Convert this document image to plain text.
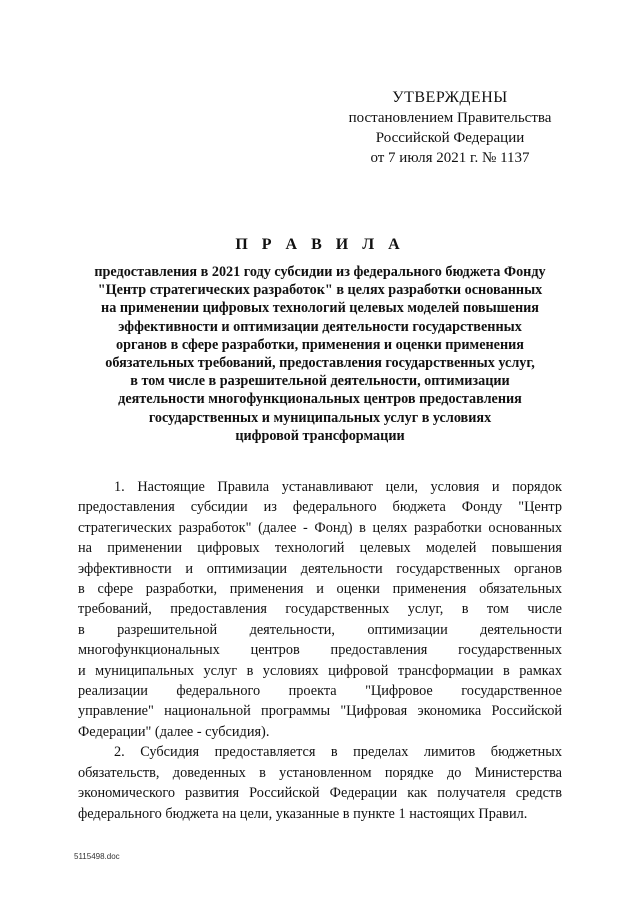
УТВЕРЖДЕНЫ
постановлением Правительства
Российской Федерации
от 7 июля 2021 г. № 1137
П Р А В И Л А
предоставления в 2021 году субсидии из федерального бюджета Фонду
"Центр стратегических разработок" в целях разработки основанных
на применении цифровых технологий целевых моделей повышения
эффективности и оптимизации деятельности государственных
органов в сфере разработки, применения и оценки применения
обязательных требований, предоставления государственных услуг,
в том числе в разрешительной деятельности, оптимизации
деятельности многофункциональных центров предоставления
государственных и муниципальных услуг в условиях
цифровой трансформации
1. Настоящие Правила устанавливают цели, условия и порядок
предоставления субсидии из федерального бюджета Фонду "Центр
стратегических разработок" (далее - Фонд) в целях разработки основанных
на применении цифровых технологий целевых моделей повышения
эффективности и оптимизации деятельности государственных органов
в сфере разработки, применения и оценки применения обязательных
требований, предоставления государственных услуг, в том числе
в разрешительной деятельности, оптимизации деятельности
многофункциональных центров предоставления государственных
и муниципальных услуг в условиях цифровой трансформации в рамках
реализации федерального проекта "Цифровое государственное
управление" национальной программы "Цифровая экономика Российской
Федерации" (далее - субсидия).
2. Субсидия предоставляется в пределах лимитов бюджетных
обязательств, доведенных в установленном порядке до Министерства
экономического развития Российской Федерации как получателя средств
федерального бюджета на цели, указанные в пункте 1 настоящих Правил.
5115498.doc
